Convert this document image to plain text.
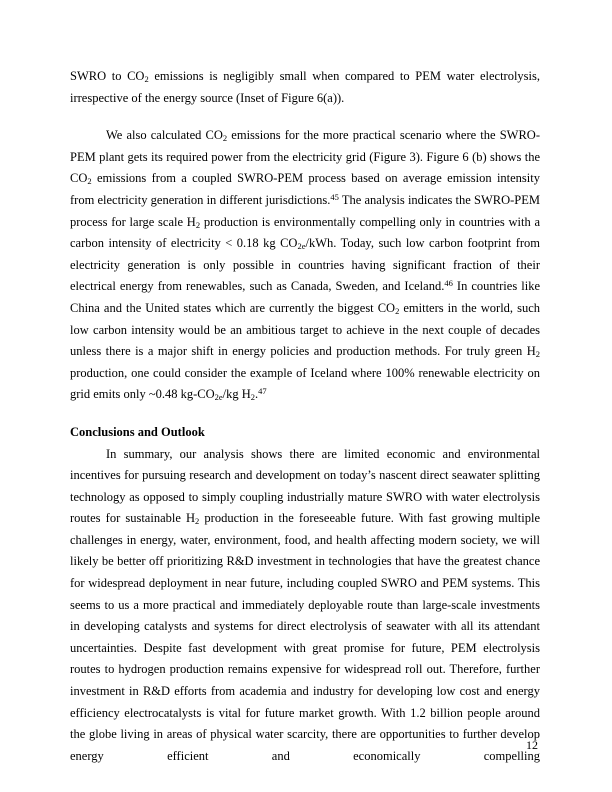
SWRO to $CO_2$ emissions is negligibly small when compared to PEM water electrolysis, irrespective of the energy source (Inset of Figure 6(a)).

We also calculated $CO_2$ emissions for the more practical scenario where the SWRO-PEM plant gets its required power from the electricity grid (Figure 3). Figure 6 (b) shows the $CO_2$ emissions from a coupled SWRO-PEM process based on average emission intensity from electricity generation in different jurisdictions.$^{45}$ The analysis indicates the SWRO-PEM process for large scale $H_2$ production is environmentally compelling only in countries with a carbon intensity of electricity < 0.18 kg $CO_{2e}$/kWh. Today, such low carbon footprint from electricity generation is only possible in countries having significant fraction of their electrical energy from renewables, such as Canada, Sweden, and Iceland.$^{46}$ In countries like China and the United states which are currently the biggest $CO_2$ emitters in the world, such low carbon intensity would be an ambitious target to achieve in the next couple of decades unless there is a major shift in energy policies and production methods. For truly green $H_2$ production, one could consider the example of Iceland where 100% renewable electricity on grid emits only ~0.48 $kg-CO_{2e}/kg$ $H_2.^{47}$

Conclusions and Outlook

In summary, our analysis shows there are limited economic and environmental incentives for pursuing research and development on today’s nascent direct seawater splitting technology as opposed to simply coupling industrially mature SWRO with water electrolysis routes for sustainable $H_2$ production in the foreseeable future. With fast growing multiple challenges in energy, water, environment, food, and health affecting modern society, we will likely be better off prioritizing R&D investment in technologies that have the greatest chance for widespread deployment in near future, including coupled SWRO and PEM systems. This seems to us a more practical and immediately deployable route than large-scale investments in developing catalysts and systems for direct electrolysis of seawater with all its attendant uncertainties. Despite fast development with great promise for future, PEM electrolysis routes to hydrogen production remains expensive for widespread roll out. Therefore, further investment in R&D efforts from academia and industry for developing low cost and energy efficiency electrocatalysts is vital for future market growth. With 1.2 billion people around the globe living in areas of physical water scarcity, there are opportunities to further develop energy efficient and economically compelling

12
